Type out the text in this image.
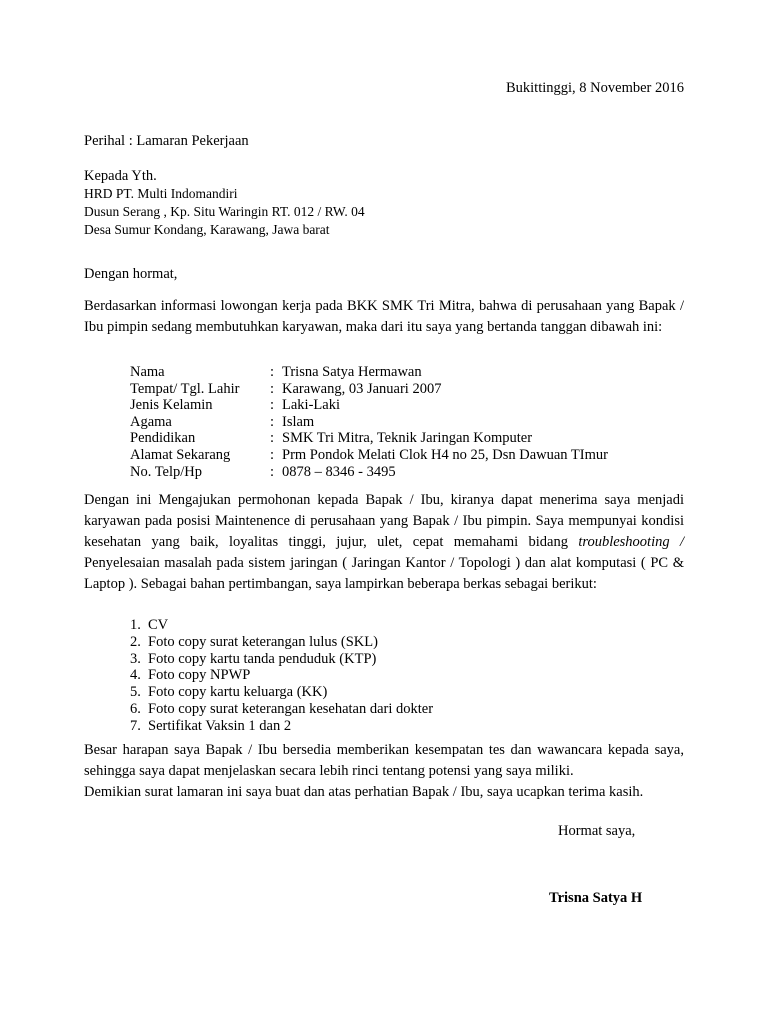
Bukittinggi, 8 November 2016
Perihal : Lamaran Pekerjaan
Kepada Yth.
HRD PT. Multi Indomandiri
Dusun Serang , Kp. Situ Waringin RT. 012 / RW. 04
Desa Sumur Kondang, Karawang, Jawa barat
Dengan hormat,
Berdasarkan informasi lowongan kerja pada BKK SMK Tri Mitra, bahwa di perusahaan yang Bapak / Ibu pimpin sedang membutuhkan karyawan, maka dari itu saya yang bertanda tanggan dibawah ini:
Nama	: Trisna Satya Hermawan
Tempat/ Tgl. Lahir	: Karawang, 03 Januari 2007
Jenis Kelamin	: Laki-Laki
Agama	: Islam
Pendidikan	: SMK Tri Mitra, Teknik Jaringan Komputer
Alamat Sekarang	: Prm Pondok Melati Clok H4 no 25, Dsn Dawuan TImur
No. Telp/Hp	: 0878 – 8346 - 3495
Dengan ini Mengajukan permohonan kepada Bapak / Ibu, kiranya dapat menerima saya menjadi karyawan pada posisi Maintenence di perusahaan yang Bapak / Ibu pimpin. Saya mempunyai kondisi kesehatan yang baik, loyalitas tinggi, jujur, ulet, cepat memahami bidang troubleshooting / Penyelesaian masalah pada sistem jaringan ( Jaringan Kantor / Topologi ) dan alat komputasi ( PC & Laptop ). Sebagai bahan pertimbangan, saya lampirkan beberapa berkas sebagai berikut:
1. CV
2. Foto copy surat keterangan lulus (SKL)
3. Foto copy kartu tanda penduduk (KTP)
4. Foto copy NPWP
5. Foto copy kartu keluarga (KK)
6. Foto copy surat keterangan kesehatan dari dokter
7. Sertifikat Vaksin 1 dan 2
Besar harapan saya Bapak / Ibu bersedia memberikan kesempatan tes dan wawancara kepada saya, sehingga saya dapat menjelaskan secara lebih rinci tentang potensi yang saya miliki.
Demikian surat lamaran ini saya buat dan atas perhatian Bapak / Ibu, saya ucapkan terima kasih.
Hormat saya,
Trisna Satya H
